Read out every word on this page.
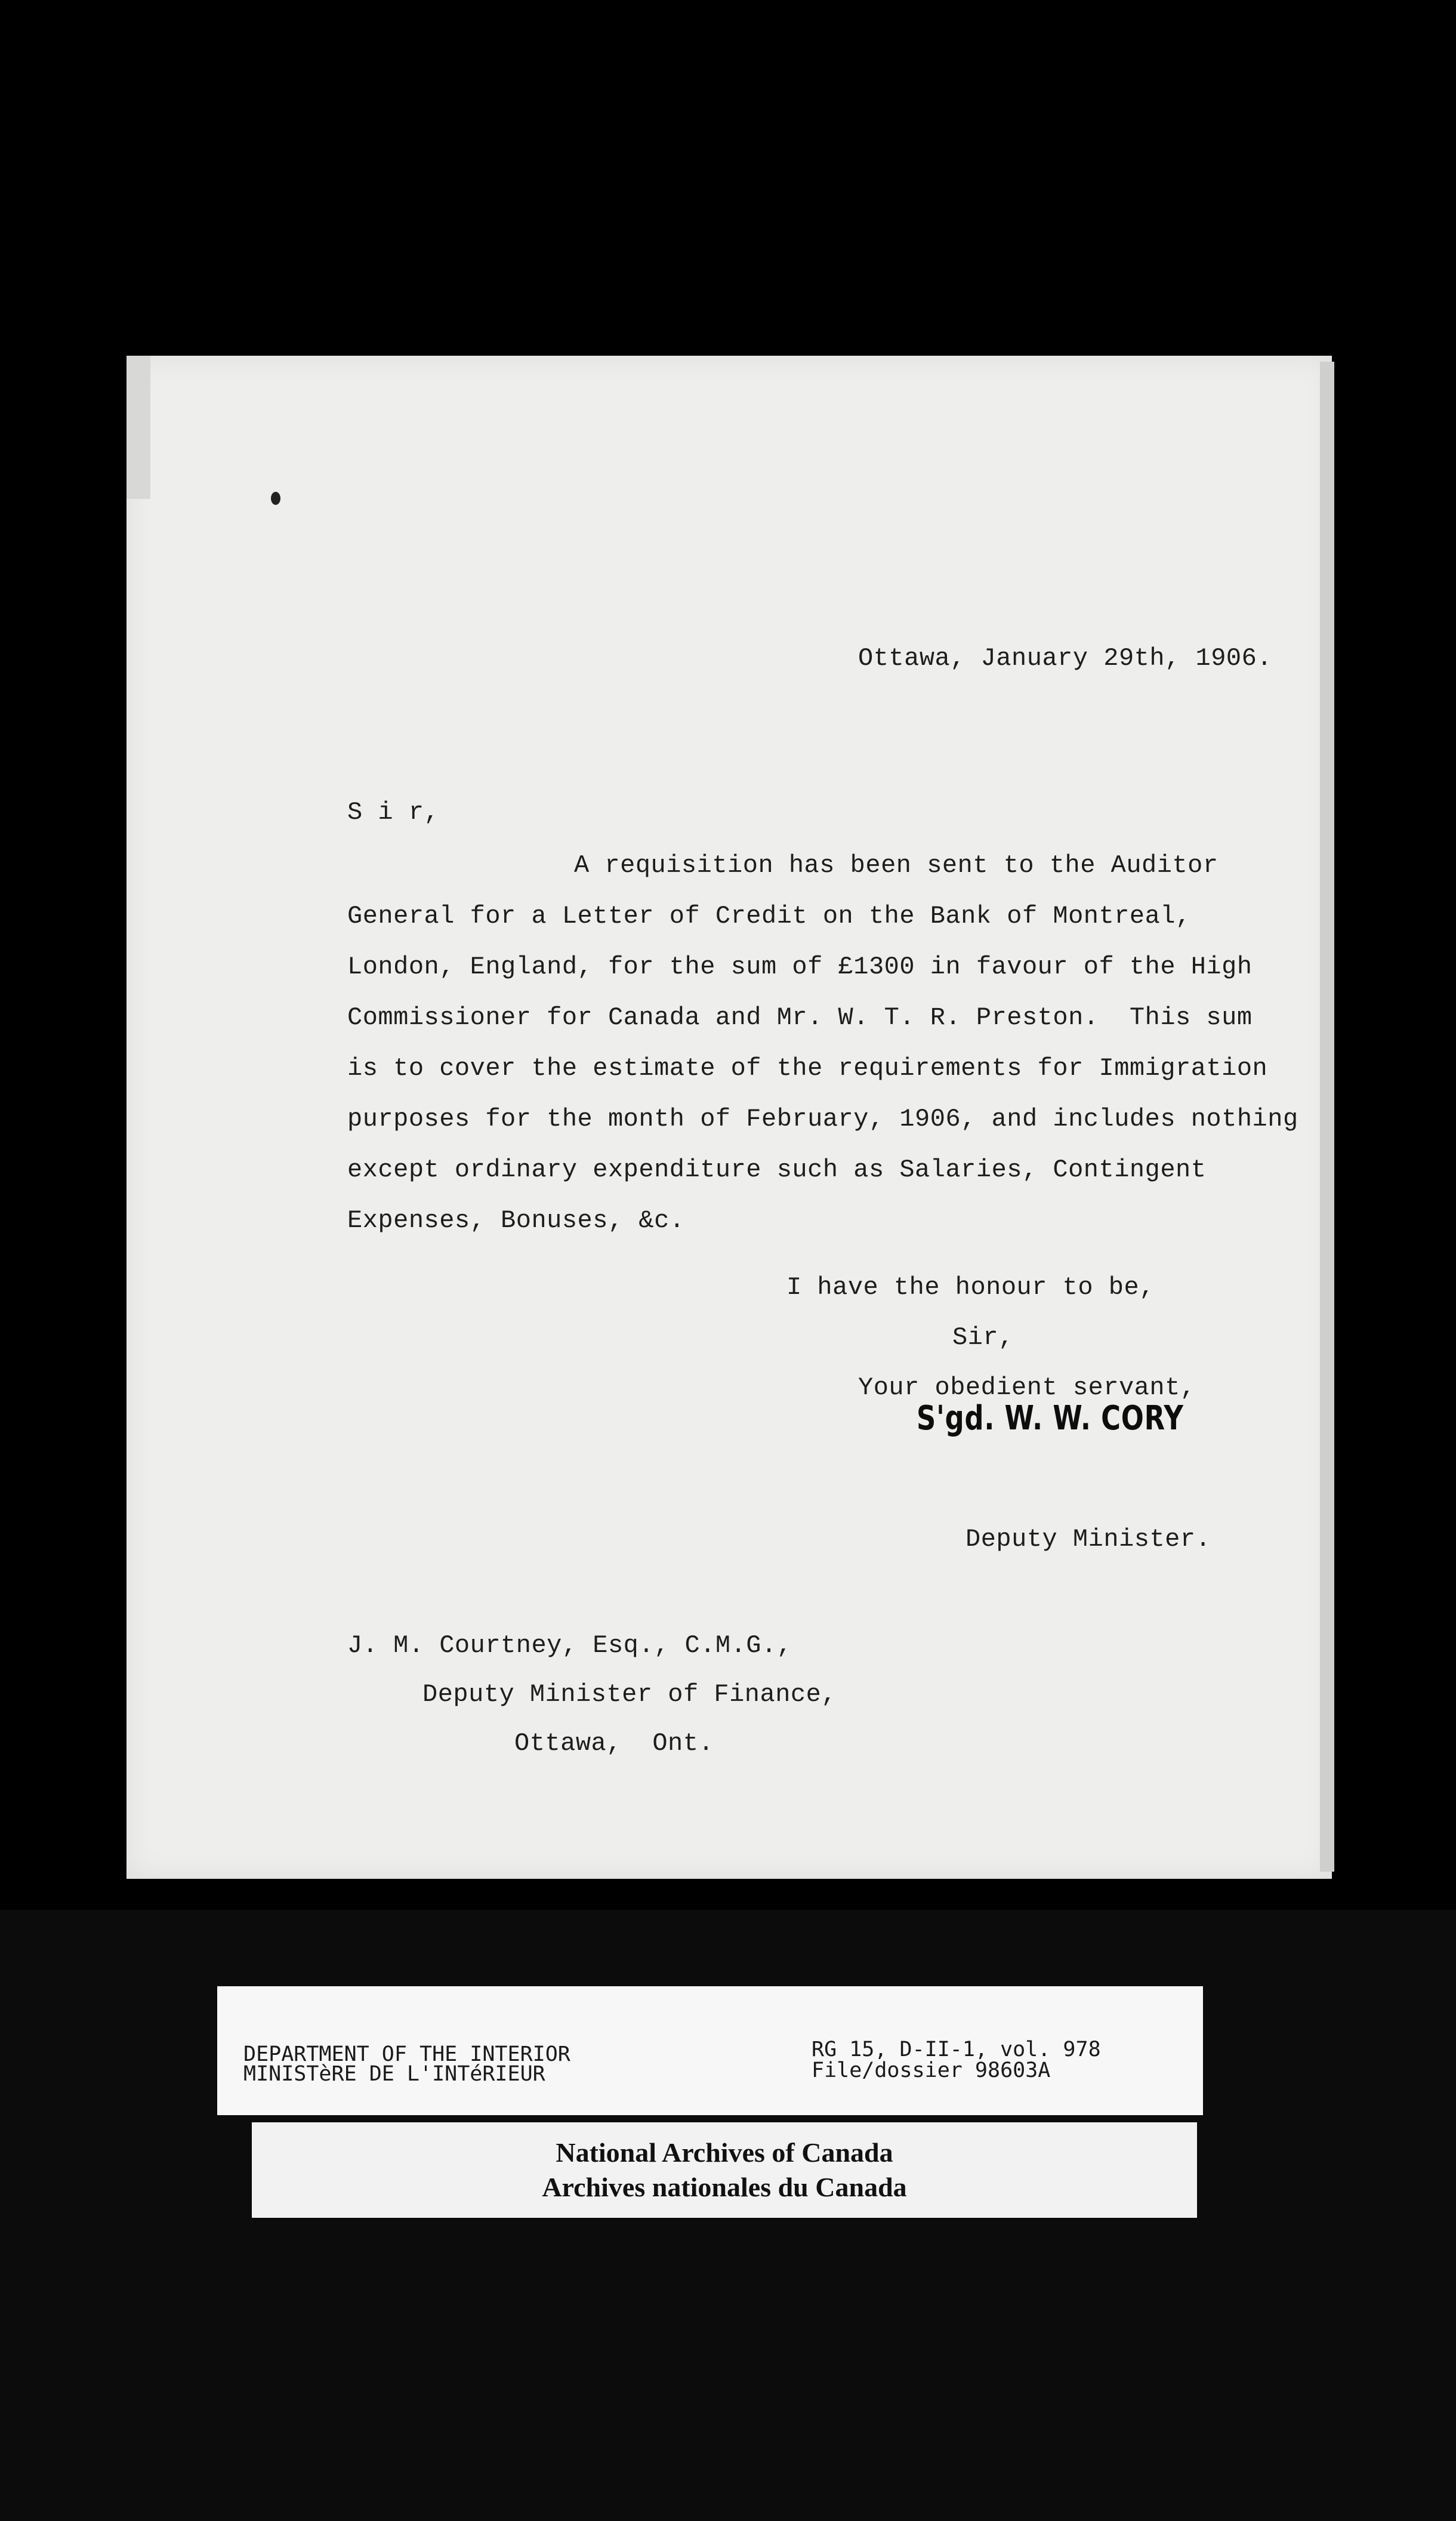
Ottawa, January 29th, 1906.
S i r,
A requisition has been sent to the Auditor
General for a Letter of Credit on the Bank of Montreal,
London, England, for the sum of £1300 in favour of the High
Commissioner for Canada and Mr. W. T. R. Preston.  This sum
is to cover the estimate of the requirements for Immigration
purposes for the month of February, 1906, and includes nothing
except ordinary expenditure such as Salaries, Contingent
Expenses, Bonuses, &c.
I have the honour to be,
Sir,
Your obedient servant,
S'gd. W. W. CORY
Deputy Minister.
J. M. Courtney, Esq., C.M.G.,
Deputy Minister of Finance,
Ottawa,  Ont.
DEPARTMENT OF THE INTERIOR
MINISTèRE DE L'INTéRIEUR
RG 15, D-II-1, vol. 978
File/dossier 98603A
National Archives of Canada
Archives nationales du Canada
